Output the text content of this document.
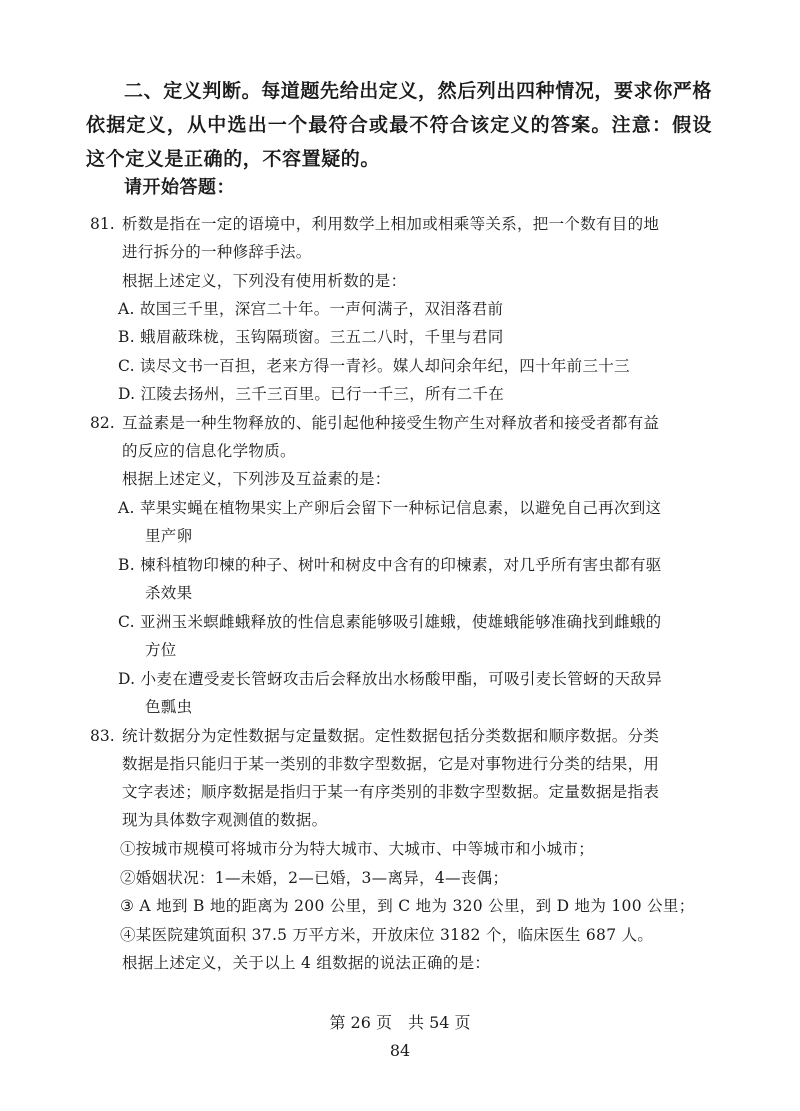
二、定义判断。每道题先给出定义，然后列出四种情况，要求你严格依据定义，从中选出一个最符合或最不符合该定义的答案。注意：假设这个定义是正确的，不容置疑的。
请开始答题：
81. 析数是指在一定的语境中，利用数学上相加或相乘等关系，把一个数有目的地
进行拆分的一种修辞手法。
根据上述定义，下列没有使用析数的是：
A. 故国三千里，深宫二十年。一声何满子，双泪落君前
B. 蛾眉蔽珠栊，玉钩隔琐窗。三五二八时，千里与君同
C. 读尽文书一百担，老来方得一青衫。媒人却问余年纪，四十年前三十三
D. 江陵去扬州，三千三百里。已行一千三，所有二千在
82. 互益素是一种生物释放的、能引起他种接受生物产生对释放者和接受者都有益
的反应的信息化学物质。
根据上述定义，下列涉及互益素的是：
A. 苹果实蝇在植物果实上产卵后会留下一种标记信息素，以避免自己再次到这
里产卵
B. 楝科植物印楝的种子、树叶和树皮中含有的印楝素，对几乎所有害虫都有驱
杀效果
C. 亚洲玉米螟雌蛾释放的性信息素能够吸引雄蛾，使雄蛾能够准确找到雌蛾的
方位
D. 小麦在遭受麦长管蚜攻击后会释放出水杨酸甲酯，可吸引麦长管蚜的天敌异
色瓢虫
83. 统计数据分为定性数据与定量数据。定性数据包括分类数据和顺序数据。分类
数据是指只能归于某一类别的非数字型数据，它是对事物进行分类的结果，用
文字表述；顺序数据是指归于某一有序类别的非数字型数据。定量数据是指表
现为具体数字观测值的数据。
①按城市规模可将城市分为特大城市、大城市、中等城市和小城市；
②婚姻状况：1—未婚，2—已婚，3—离异，4—丧偶；
③ A 地到 B 地的距离为 200 公里，到 C 地为 320 公里，到 D 地为 100 公里；
④某医院建筑面积 37.5 万平方米，开放床位 3182 个，临床医生 687 人。
根据上述定义，关于以上 4 组数据的说法正确的是：
第 26 页　共 54 页
84
